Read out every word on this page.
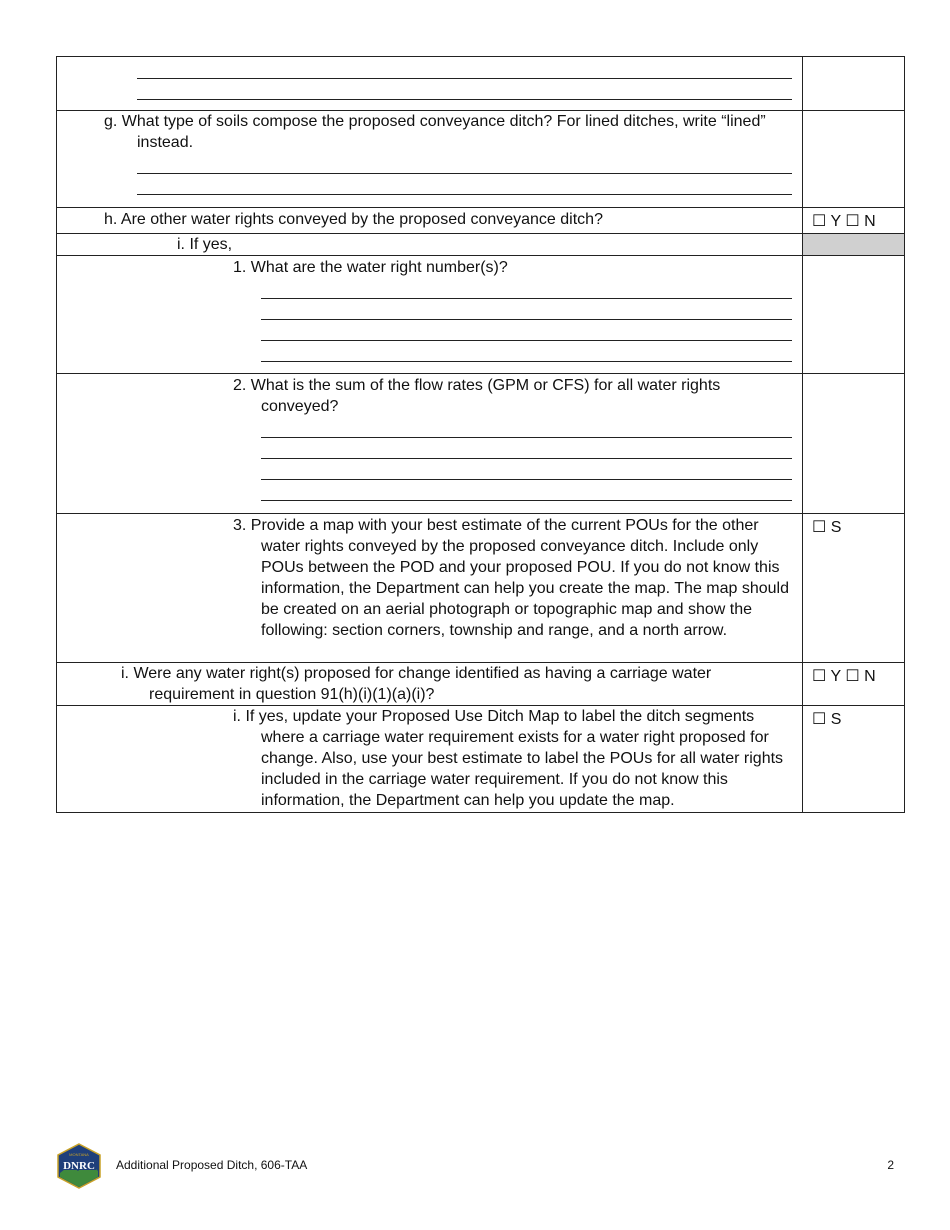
g. What type of soils compose the proposed conveyance ditch? For lined ditches, write “lined” instead.	

h. Are other water rights conveyed by the proposed conveyance ditch?	☐ Y ☐ N

i. If yes,	

1. What are the water right number(s)?	

2. What is the sum of the flow rates (GPM or CFS) for all water rights conveyed?	

3. Provide a map with your best estimate of the current POUs for the other water rights conveyed by the proposed conveyance ditch. Include only POUs between the POD and your proposed POU. If you do not know this information, the Department can help you create the map. The map should be created on an aerial photograph or topographic map and show the following: section corners, township and range, and a north arrow.	☐ S

i. Were any water right(s) proposed for change identified as having a carriage water requirement in question 91(h)(i)(1)(a)(i)?	☐ Y ☐ N

i. If yes, update your Proposed Use Ditch Map to label the ditch segments where a carriage water requirement exists for a water right proposed for change. Also, use your best estimate to label the POUs for all water rights included in the carriage water requirement. If you do not know this information, the Department can help you update the map.	☐ S
MONTANA
DNRC Additional Proposed Ditch, 606-TAA	2
